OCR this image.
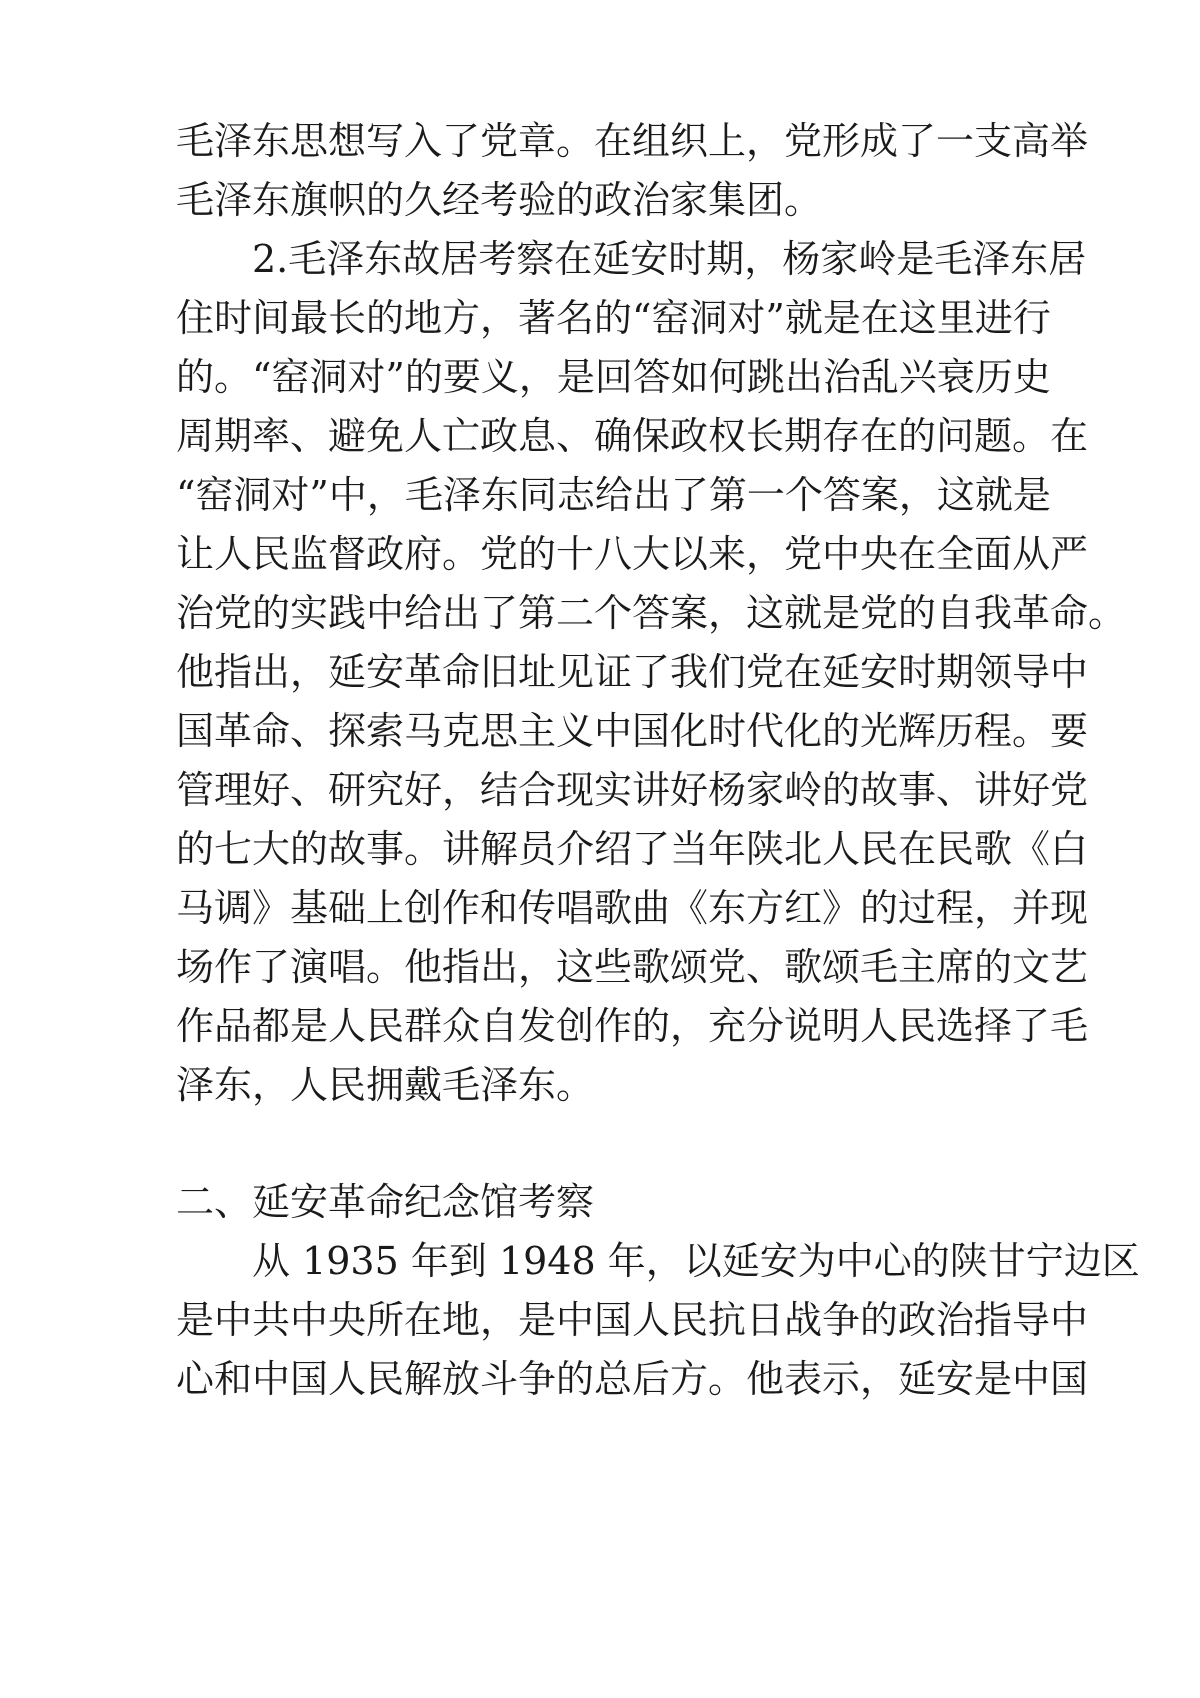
毛泽东思想写入了党章。在组织上，党形成了一支高举
毛泽东旗帜的久经考验的政治家集团。
2.毛泽东故居考察在延安时期，杨家岭是毛泽东居
住时间最长的地方，著名的“窑洞对”就是在这里进行
的。“窑洞对”的要义，是回答如何跳出治乱兴衰历史
周期率、避免人亡政息、确保政权长期存在的问题。在
“窑洞对”中，毛泽东同志给出了第一个答案，这就是
让人民监督政府。党的十八大以来，党中央在全面从严
治党的实践中给出了第二个答案，这就是党的自我革命。
他指出，延安革命旧址见证了我们党在延安时期领导中
国革命、探索马克思主义中国化时代化的光辉历程。要
管理好、研究好，结合现实讲好杨家岭的故事、讲好党
的七大的故事。讲解员介绍了当年陕北人民在民歌《白
马调》基础上创作和传唱歌曲《东方红》的过程，并现
场作了演唱。他指出，这些歌颂党、歌颂毛主席的文艺
作品都是人民群众自发创作的，充分说明人民选择了毛
泽东，人民拥戴毛泽东。
二、延安革命纪念馆考察
从 1935 年到 1948 年，以延安为中心的陕甘宁边区
是中共中央所在地，是中国人民抗日战争的政治指导中
心和中国人民解放斗争的总后方。他表示，延安是中国
